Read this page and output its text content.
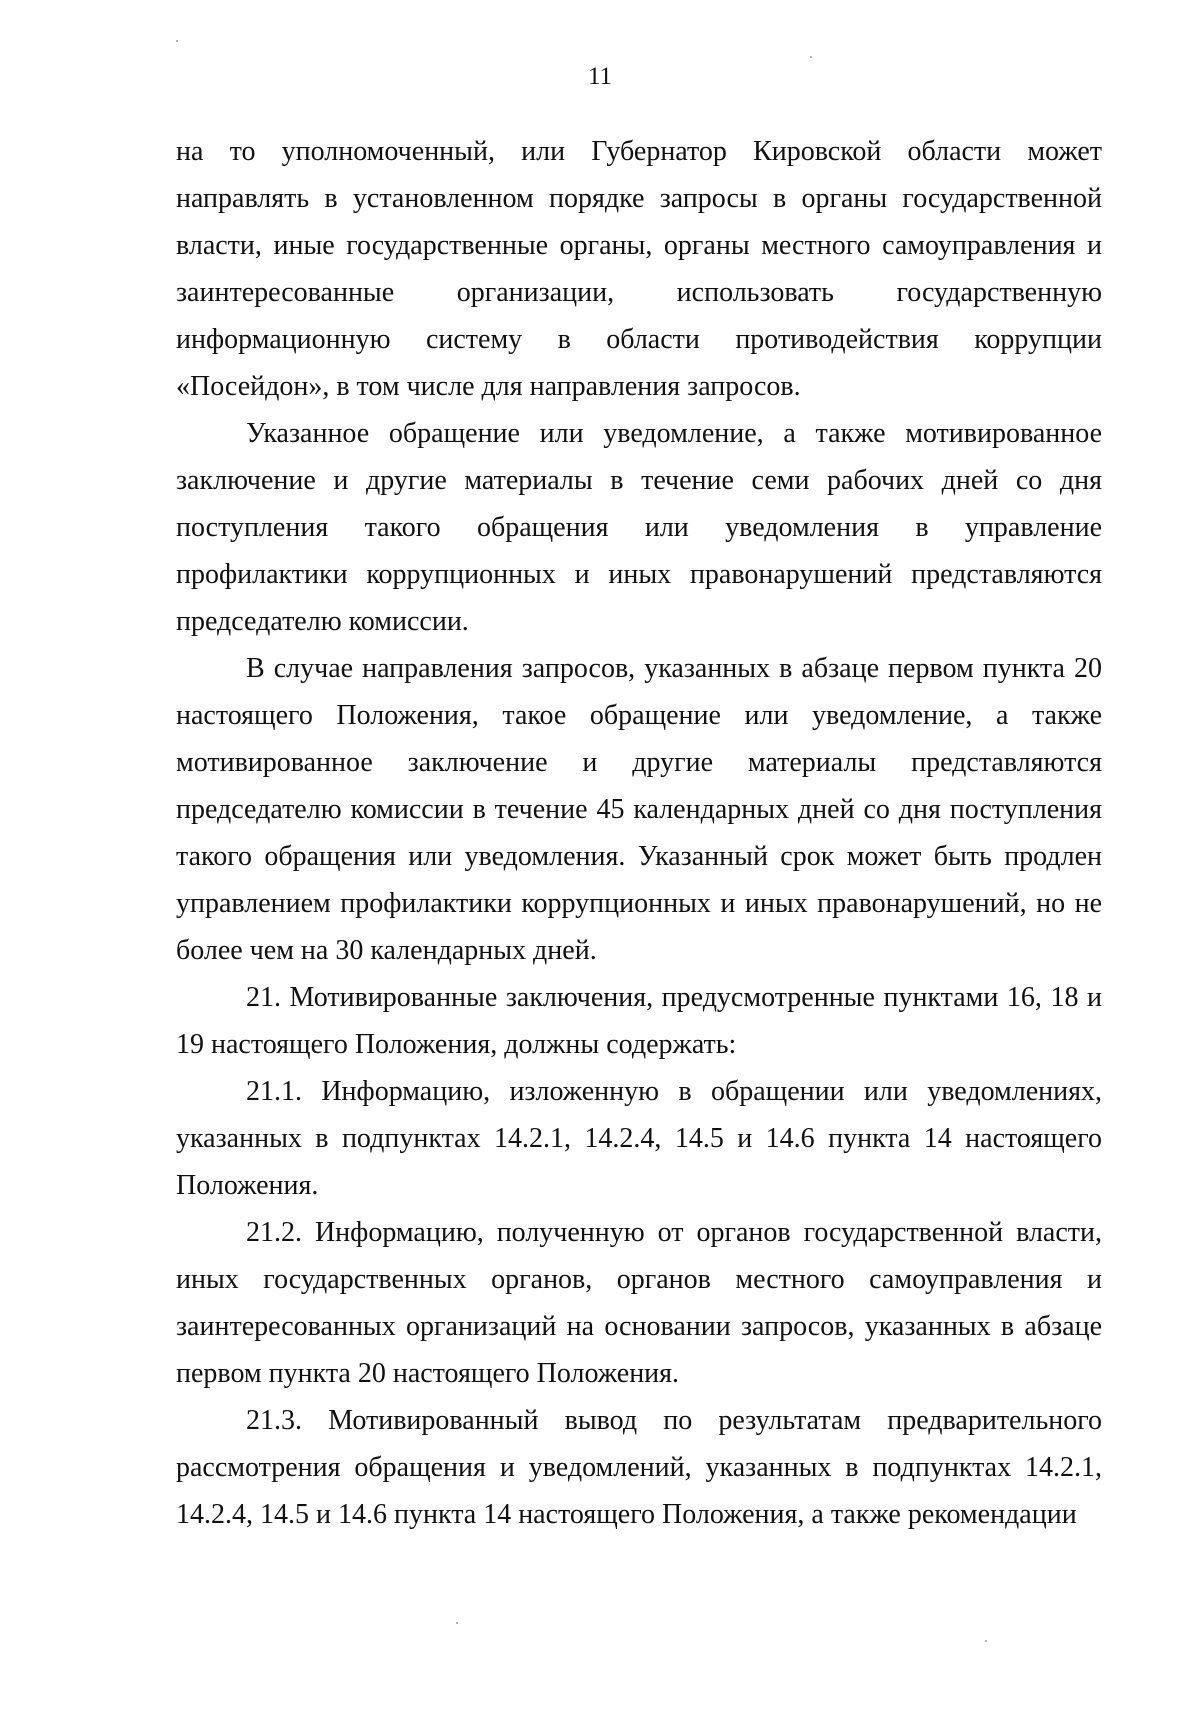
11

на то уполномоченный, или Губернатор Кировской области может направлять в установленном порядке запросы в органы государственной власти, иные государственные органы, органы местного самоуправления и заинтересованные организации, использовать государственную информационную систему в области противодействия коррупции «Посейдон», в том числе для направления запросов.

Указанное обращение или уведомление, а также мотивированное заключение и другие материалы в течение семи рабочих дней со дня поступления такого обращения или уведомления в управление профилактики коррупционных и иных правонарушений представляются председателю комиссии.

В случае направления запросов, указанных в абзаце первом пункта 20 настоящего Положения, такое обращение или уведомление, а также мотивированное заключение и другие материалы представляются председателю комиссии в течение 45 календарных дней со дня поступления такого обращения или уведомления. Указанный срок может быть продлен управлением профилактики коррупционных и иных правонарушений, но не более чем на 30 календарных дней.

21. Мотивированные заключения, предусмотренные пунктами 16, 18 и 19 настоящего Положения, должны содержать:

21.1. Информацию, изложенную в обращении или уведомлениях, указанных в подпунктах 14.2.1, 14.2.4, 14.5 и 14.6 пункта 14 настоящего Положения.

21.2. Информацию, полученную от органов государственной власти, иных государственных органов, органов местного самоуправления и заинтересованных организаций на основании запросов, указанных в абзаце первом пункта 20 настоящего Положения.

21.3. Мотивированный вывод по результатам предварительного рассмотрения обращения и уведомлений, указанных в подпунктах 14.2.1, 14.2.4, 14.5 и 14.6 пункта 14 настоящего Положения, а также рекомендации
